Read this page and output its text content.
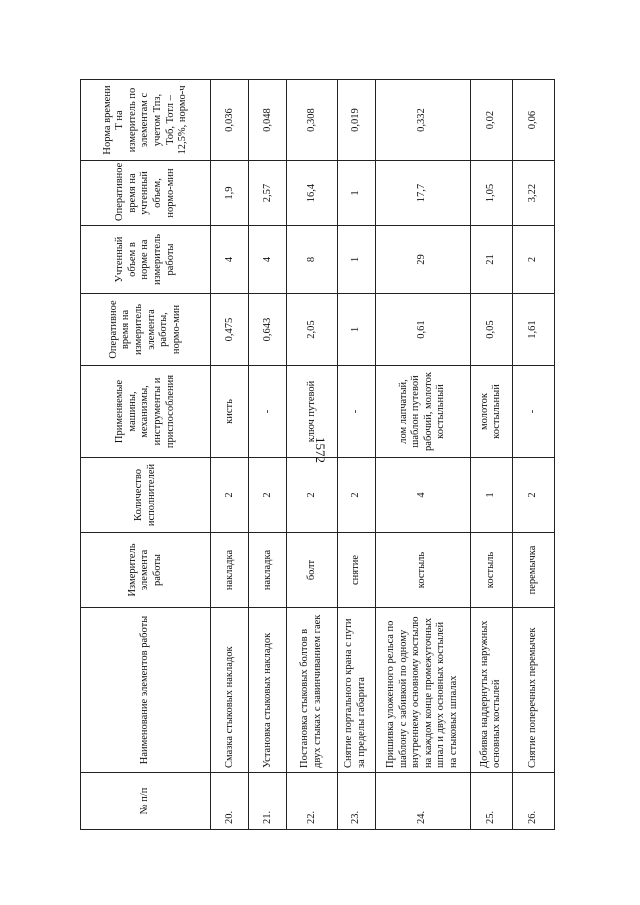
1572
№ п/п	Наименование элементов работы	Измеритель элемента работы	Количество исполнителей	Применяемые машины, механизмы, инструменты и приспособления	Оперативное время на измеритель элемента работы, нормо-мин	Учтенный объем в норме на измеритель работы	Оперативное время на учтенный объем, нормо-мин	Норма времени Т на измеритель по элементам с учетом Тпз, Тоб, Тотл – 12,5%, нормо-ч
20.	Смазка стыковых накладок	накладка	2	кисть	0,475	4	1,9	0,036
21.	Установка стыковых накладок	накладка	2	-	0,643	4	2,57	0,048
22.	Постановка стыковых болтов в двух стыках с завинчиванием гаек	болт	2	ключ путевой	2,05	8	16,4	0,308
23.	Снятие портального крана с пути за пределы габарита	снятие	2	-	1	1	1	0,019
24.	Пришивка уложенного рельса по шаблону с забивкой по одному внутреннему основному костылю на каждом конце промежуточных шпал и двух основных костылей на стыковых шпалах	костыль	4	лом лапчатый, шаблон путевой рабочий, молоток костыльный	0,61	29	17,7	0,332
25.	Добивка наддернутых наружных основных костылей	костыль	1	молоток костыльный	0,05	21	1,05	0,02
26.	Снятие поперечных перемычек	перемычка	2	-	1,61	2	3,22	0,06
